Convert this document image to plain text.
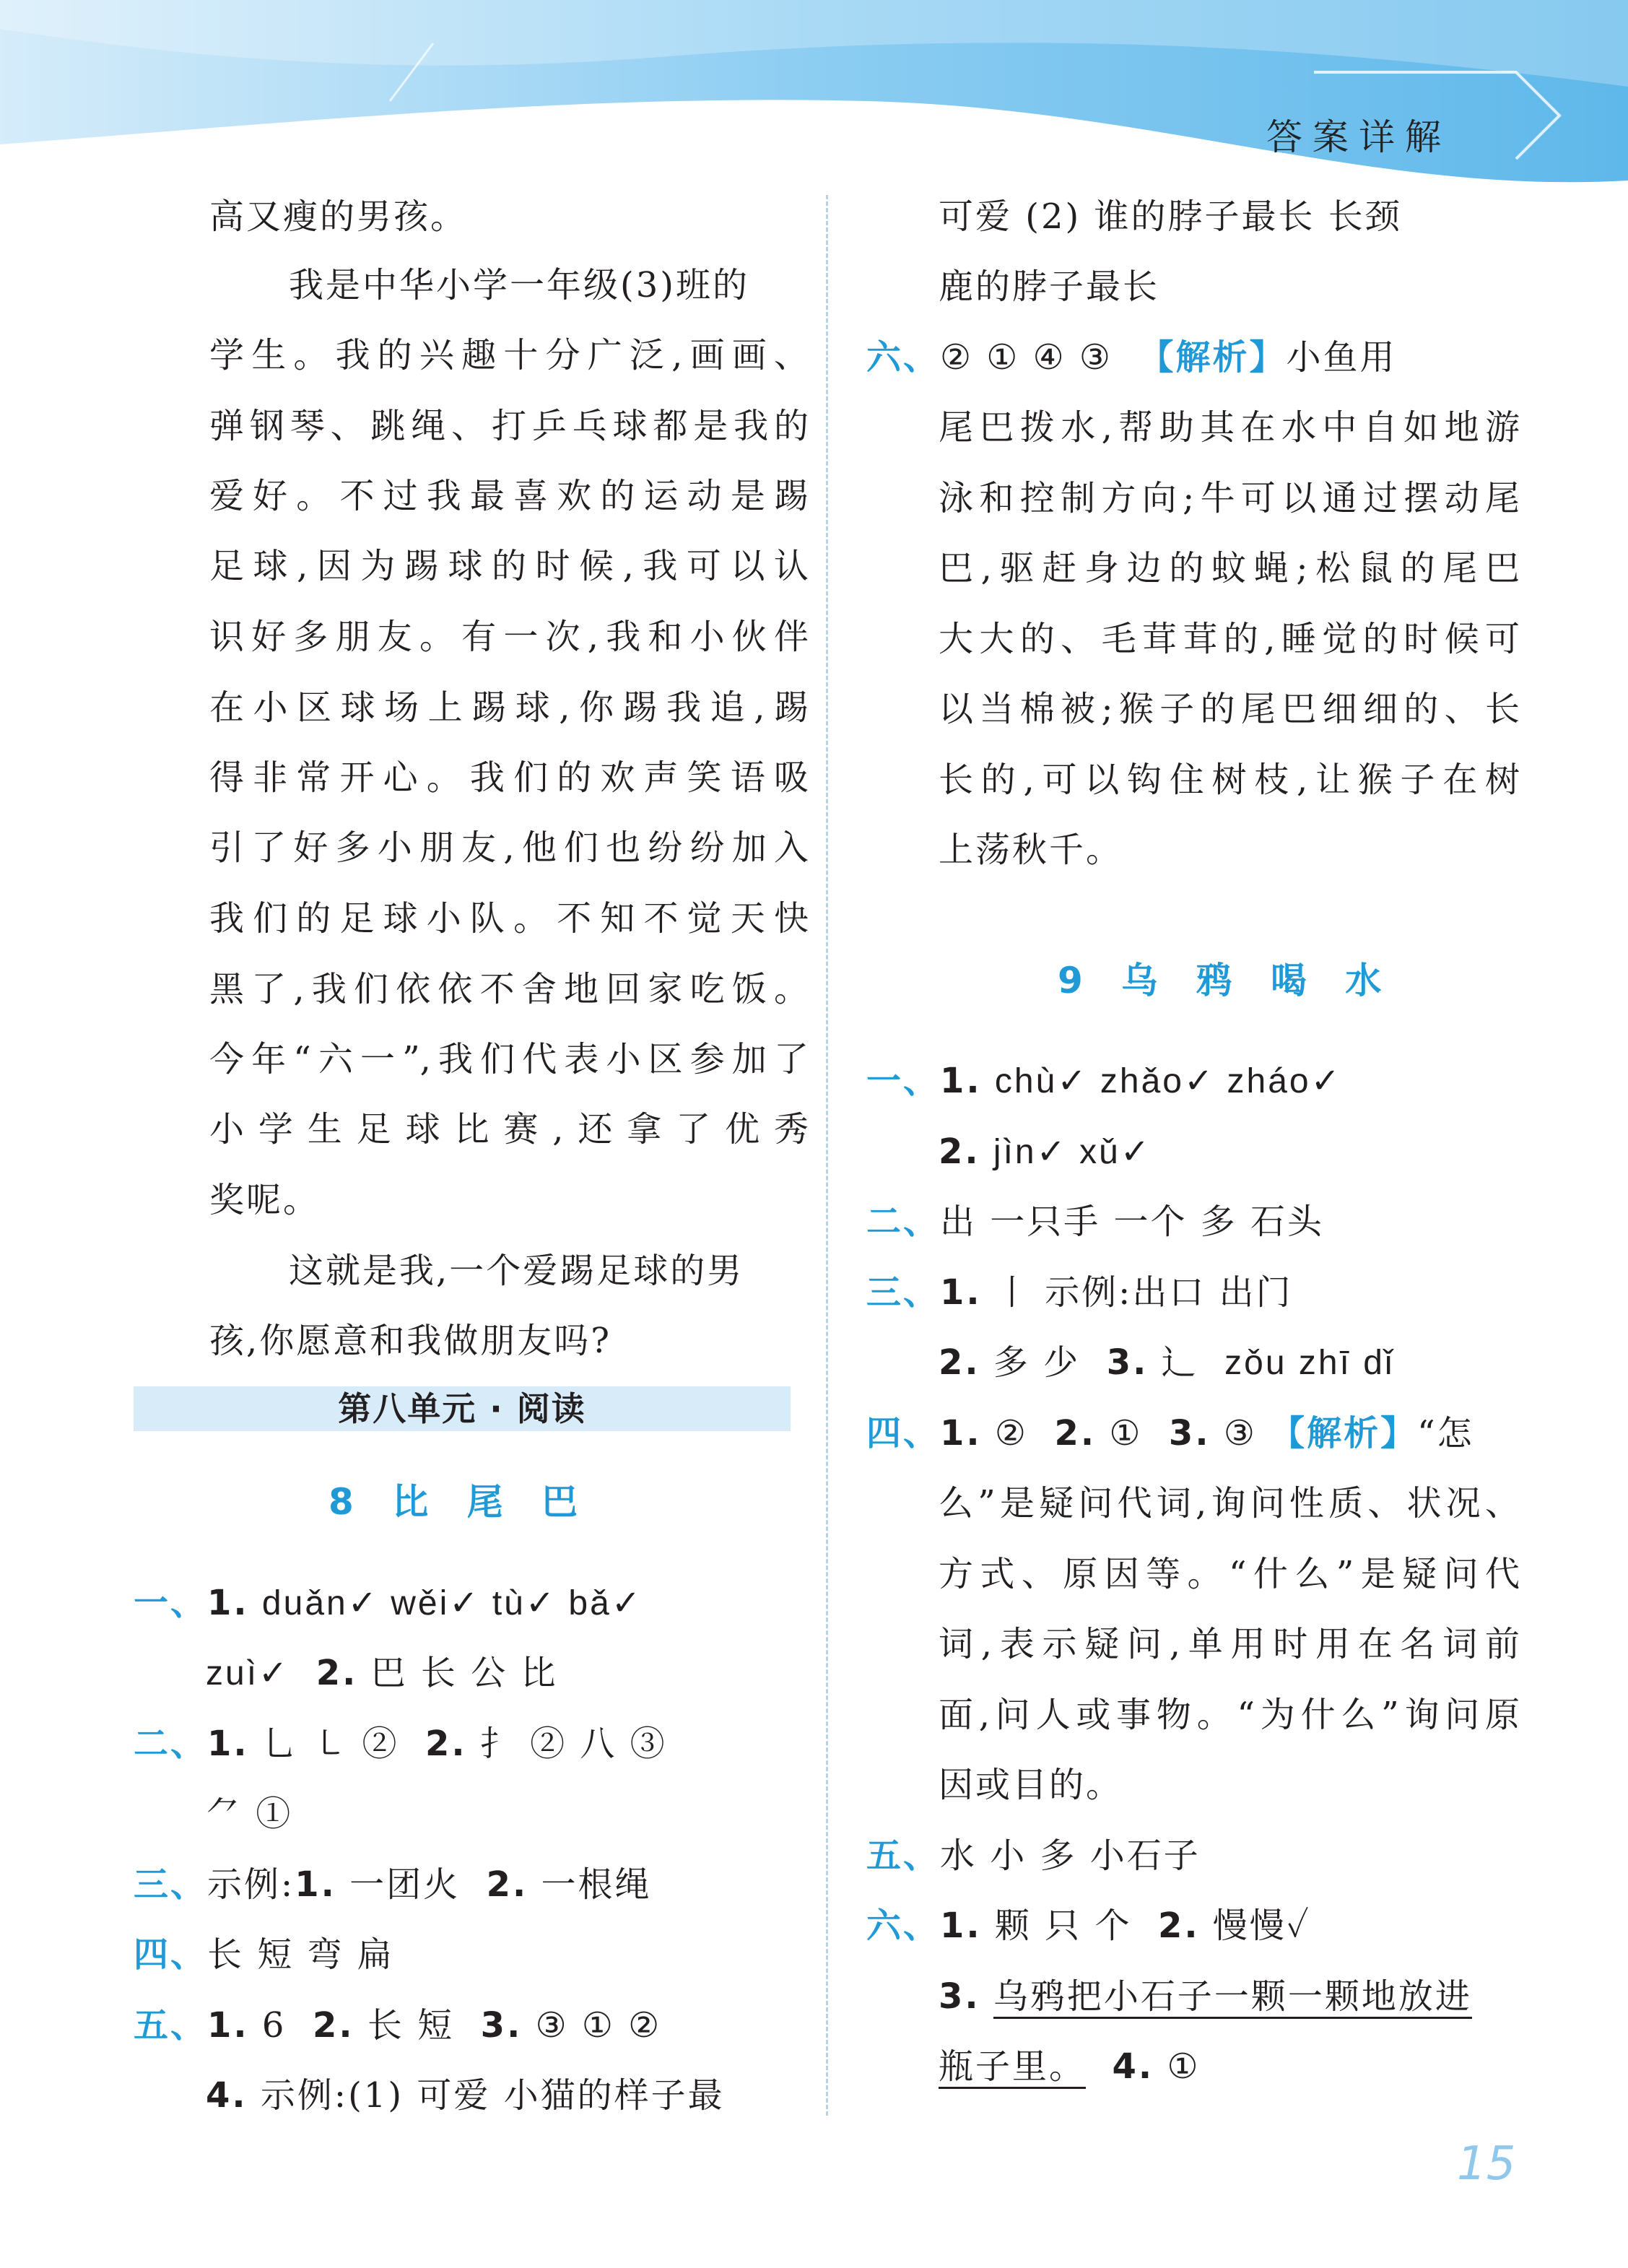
答案详解
高又瘦的男孩。
我是中华小学一年级(3)班的
学生。我的兴趣十分广泛,画画、
弹钢琴、跳绳、打乒乓球都是我的
爱好。不过我最喜欢的运动是踢
足球,因为踢球的时候,我可以认
识好多朋友。有一次,我和小伙伴
在小区球场上踢球,你踢我追,踢
得非常开心。我们的欢声笑语吸
引了好多小朋友,他们也纷纷加入
我们的足球小队。不知不觉天快
黑了,我们依依不舍地回家吃饭。
今年“六一”,我们代表小区参加了
小学生足球比赛,还拿了优秀
奖呢。
这就是我,一个爱踢足球的男
孩,你愿意和我做朋友吗?
第八单元 · 阅读
8 比 尾 巴
一、1. duǎn✓ wěi✓ tù✓ bǎ✓
zuì✓ 2. 巴 长 公 比
二、1. ⺃ ㇄ ② 2. 扌 ② 八 ③
⺈ ①
三、示例:1. 一团火 2. 一根绳
四、长 短 弯 扁
五、1. 6 2. 长 短 3. ③ ① ②
4. 示例:(1) 可爱 小猫的样子最
可爱 (2) 谁的脖子最长 长颈
鹿的脖子最长
六、② ① ④ ③ 【解析】小鱼用
尾巴拨水,帮助其在水中自如地游
泳和控制方向;牛可以通过摆动尾
巴,驱赶身边的蚊蝇;松鼠的尾巴
大大的、毛茸茸的,睡觉的时候可
以当棉被;猴子的尾巴细细的、长
长的,可以钩住树枝,让猴子在树
上荡秋千。
9 乌 鸦 喝 水
一、1. chù✓ zhǎo✓ zháo✓
2. jìn✓ xǔ✓
二、出 一只手 一个 多 石头
三、1. 丨 示例:出口 出门
2. 多 少 3. 辶 zǒu zhī dǐ
四、1. ② 2. ① 3. ③ 【解析】“怎
么”是疑问代词,询问性质、状况、
方式、原因等。“什么”是疑问代
词,表示疑问,单用时用在名词前
面,问人或事物。“为什么”询问原
因或目的。
五、水 小 多 小石子
六、1. 颗 只 个 2. 慢慢✓
3. 乌鸦把小石子一颗一颗地放进
瓶子里。 4. ①
15
